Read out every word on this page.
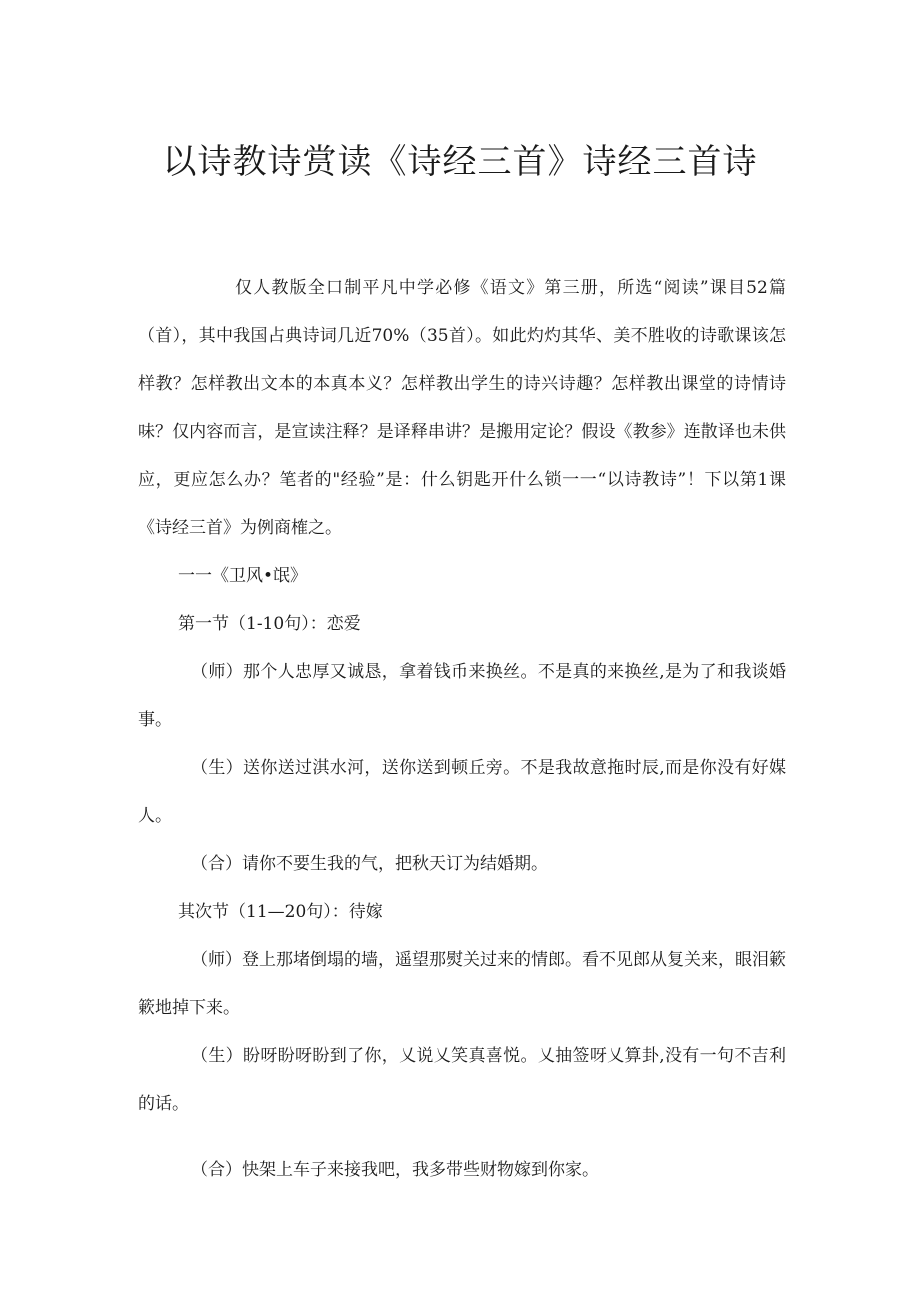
以诗教诗赏读《诗经三首》诗经三首诗

仅人教版全口制平凡中学必修《语文》第三册，所选“阅读”课目52篇（首），其中我国占典诗词几近70%（35首）。如此灼灼其华、美不胜收的诗歌课该怎样教？怎样教出文本的本真本义？怎样教出学生的诗兴诗趣？怎样教出课堂的诗情诗味？仅内容而言，是宣读注释？是译释串讲？是搬用定论？假设《教参》连散译也未供应，更应怎么办？笔者的"经验”是：什么钥匙开什么锁一一“以诗教诗”！下以第1课《诗经三首》为例商榷之。

一一《卫风•氓》

第一节（1-10句）：恋爱

（师）那个人忠厚又诚恳，拿着钱币来换丝。不是真的来换丝,是为了和我谈婚事。

（生）送你送过淇水河，送你送到顿丘旁。不是我故意拖时辰,而是你没有好媒人。

（合）请你不要生我的气，把秋天订为结婚期。

其次节（11—20句）：待嫁

（师）登上那堵倒塌的墙，遥望那熨关过来的情郎。看不见郎从复关来，眼泪簌簌地掉下来。

（生）盼呀盼呀盼到了你，乂说乂笑真喜悦。乂抽签呀乂算卦,没有一句不吉利的话。

（合）快架上车子来接我吧，我多带些财物嫁到你家。
